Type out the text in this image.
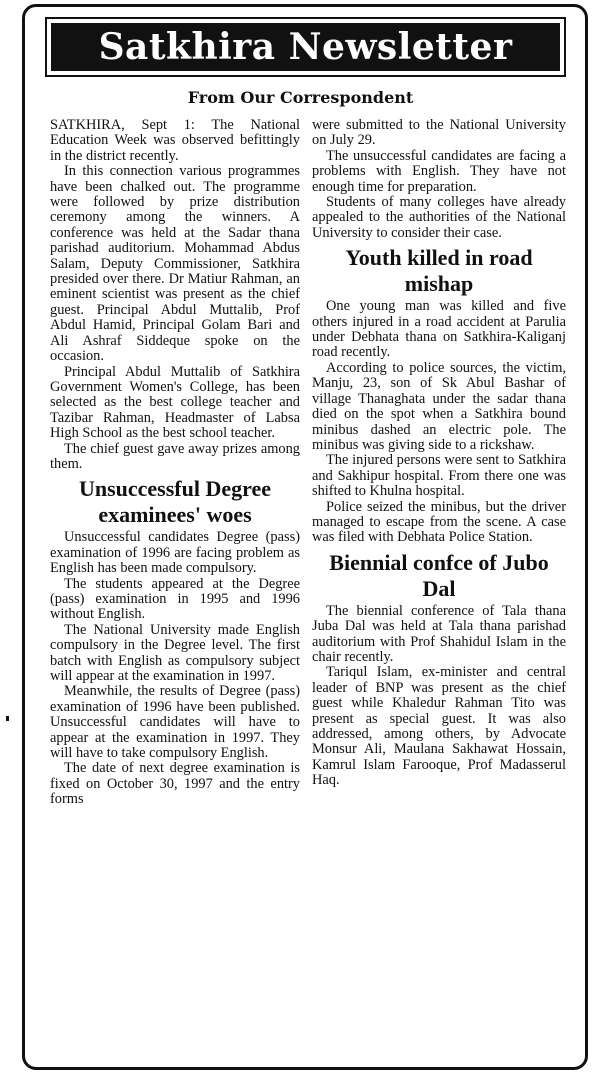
Satkhira Newsletter
From Our Correspondent

SATKHIRA, Sept 1: The National Education Week was observed befittingly in the district recently.

In this connection various programmes have been chalked out. The programme were followed by prize distribution ceremony among the winners. A conference was held at the Sadar thana parishad auditorium. Mohammad Abdus Salam, Deputy Commissioner, Satkhira presided over there. Dr Matiur Rahman, an eminent scientist was present as the chief guest. Principal Abdul Muttalib, Prof Abdul Hamid, Principal Golam Bari and Ali Ashraf Siddeque spoke on the occasion.

Principal Abdul Muttalib of Satkhira Government Women's College, has been selected as the best college teacher and Tazibar Rahman, Headmaster of Labsa High School as the best school teacher.

The chief guest gave away prizes among them.

Unsuccessful Degree examinees' woes

Unsuccessful candidates Degree (pass) examination of 1996 are facing problem as English has been made compulsory.

The students appeared at the Degree (pass) examination in 1995 and 1996 without English.

The National University made English compulsory in the Degree level. The first batch with English as compulsory subject will appear at the examination in 1997.

Meanwhile, the results of Degree (pass) examination of 1996 have been published. Unsuccessful candidates will have to appear at the examination in 1997. They will have to take compulsory English.

The date of next degree examination is fixed on October 30, 1997 and the entry forms

were submitted to the National University on July 29.

The unsuccessful candidates are facing a problems with English. They have not enough time for preparation.

Students of many colleges have already appealed to the authorities of the National University to consider their case.

Youth killed in road mishap

One young man was killed and five others injured in a road accident at Parulia under Debhata thana on Satkhira-Kaliganj road recently.

According to police sources, the victim, Manju, 23, son of Sk Abul Bashar of village Thanaghata under the sadar thana died on the spot when a Satkhira bound minibus dashed an electric pole. The minibus was giving side to a rickshaw.

The injured persons were sent to Satkhira and Sakhipur hospital. From there one was shifted to Khulna hospital.

Police seized the minibus, but the driver managed to escape from the scene. A case was filed with Debhata Police Station.

Biennial confce of Jubo Dal

The biennial conference of Tala thana Juba Dal was held at Tala thana parishad auditorium with Prof Shahidul Islam in the chair recently.

Tariqul Islam, ex-minister and central leader of BNP was present as the chief guest while Khaledur Rahman Tito was present as special guest. It was also addressed, among others, by Advocate Monsur Ali, Maulana Sakhawat Hossain, Kamrul Islam Farooque, Prof Madasserul Haq.
